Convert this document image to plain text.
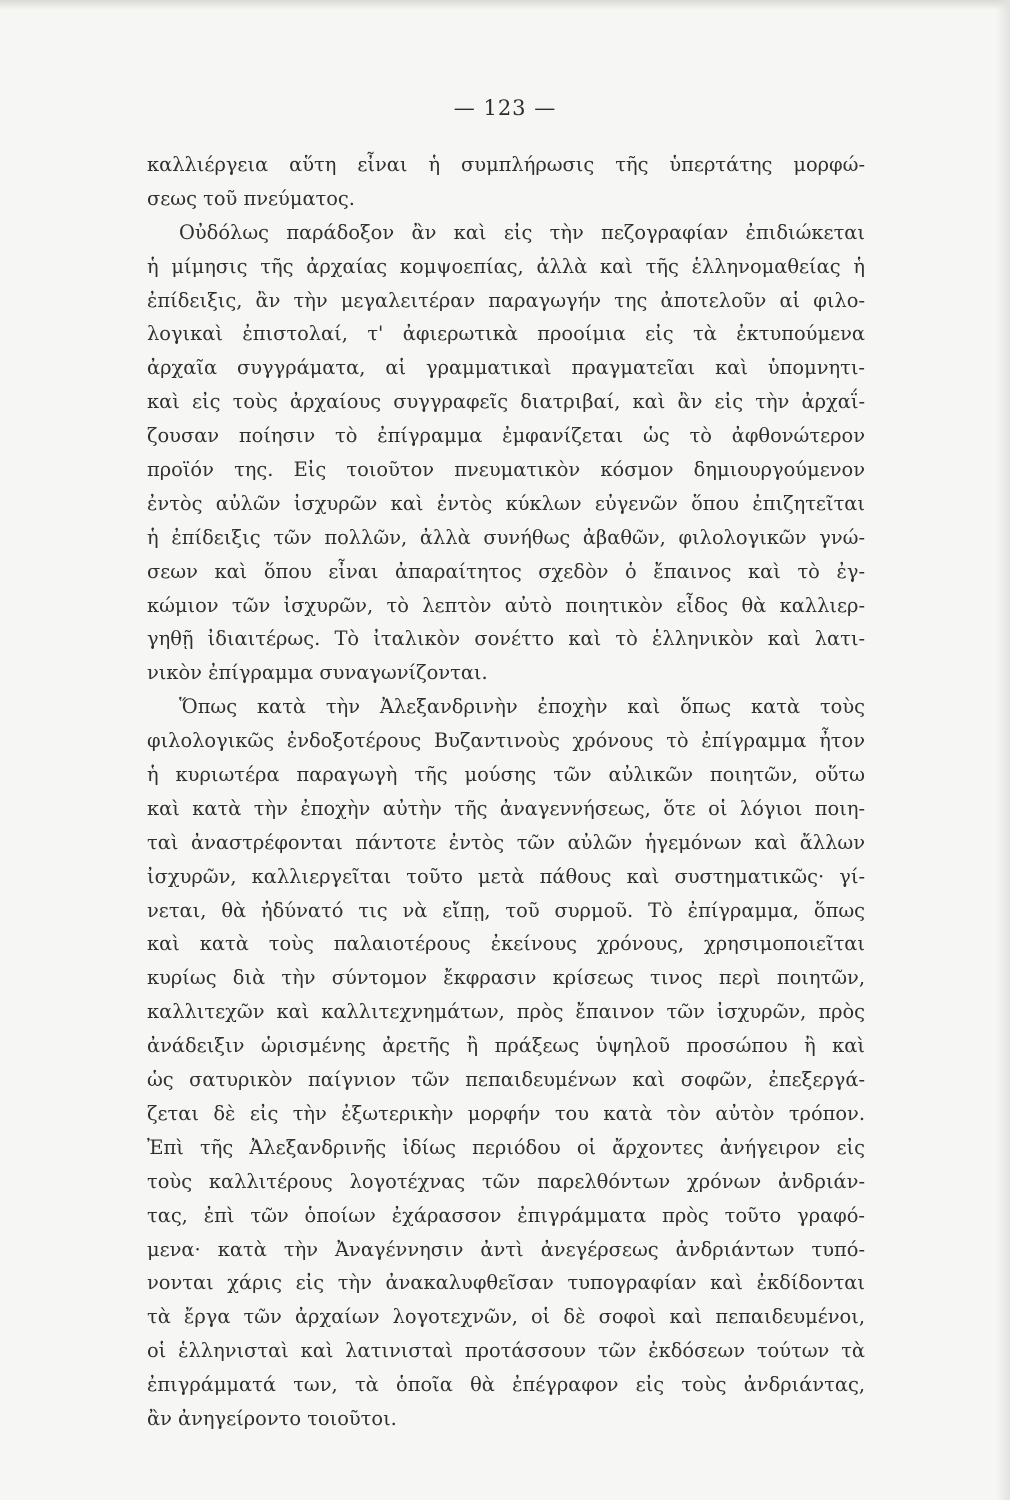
— 123 —
καλλιέργεια αὕτη εἶναι ἡ συμπλήρωσις τῆς ὑπερτάτης μορφώ-
σεως τοῦ πνεύματος.
Οὐδόλως παράδοξον ἂν καὶ εἰς τὴν πεζογραφίαν ἐπιδιώκεται
ἡ μίμησις τῆς ἀρχαίας κομψοεπίας, ἀλλὰ καὶ τῆς ἑλληνομαθείας ἡ
ἐπίδειξις, ἂν τὴν μεγαλειτέραν παραγωγήν της ἀποτελοῦν αἱ φιλο-
λογικαὶ ἐπιστολαί, τ' ἀφιερωτικὰ προοίμια εἰς τὰ ἐκτυπούμενα
ἀρχαῖα συγγράματα, αἱ γραμματικαὶ πραγματεῖαι καὶ ὑπομνητι-
καὶ εἰς τοὺς ἀρχαίους συγγραφεῖς διατριβαί, καὶ ἂν εἰς τὴν ἀρχαΐ-
ζουσαν ποίησιν τὸ ἐπίγραμμα ἐμφανίζεται ὡς τὸ ἀφθονώτερον
προϊόν της. Εἰς τοιοῦτον πνευματικὸν κόσμον δημιουργούμενον
ἐντὸς αὐλῶν ἰσχυρῶν καὶ ἐντὸς κύκλων εὐγενῶν ὅπου ἐπιζητεῖται
ἡ ἐπίδειξις τῶν πολλῶν, ἀλλὰ συνήθως ἀβαθῶν, φιλολογικῶν γνώ-
σεων καὶ ὅπου εἶναι ἀπαραίτητος σχεδὸν ὁ ἔπαινος καὶ τὸ ἐγ-
κώμιον τῶν ἰσχυρῶν, τὸ λεπτὸν αὐτὸ ποιητικὸν εἶδος θὰ καλλιερ-
γηθῇ ἰδιαιτέρως. Τὸ ἰταλικὸν σονέττο καὶ τὸ ἑλληνικὸν καὶ λατι-
νικὸν ἐπίγραμμα συναγωνίζονται.
Ὅπως κατὰ τὴν Ἀλεξανδρινὴν ἐποχὴν καὶ ὅπως κατὰ τοὺς
φιλολογικῶς ἐνδοξοτέρους Βυζαντινοὺς χρόνους τὸ ἐπίγραμμα ἦτον
ἡ κυριωτέρα παραγωγὴ τῆς μούσης τῶν αὐλικῶν ποιητῶν, οὕτω
καὶ κατὰ τὴν ἐποχὴν αὐτὴν τῆς ἀναγεννήσεως, ὅτε οἱ λόγιοι ποιη-
ταὶ ἀναστρέφονται πάντοτε ἐντὸς τῶν αὐλῶν ἡγεμόνων καὶ ἄλλων
ἰσχυρῶν, καλλιεργεῖται τοῦτο μετὰ πάθους καὶ συστηματικῶς· γί-
νεται, θὰ ἠδύνατό τις νὰ εἴπῃ, τοῦ συρμοῦ. Τὸ ἐπίγραμμα, ὅπως
καὶ κατὰ τοὺς παλαιοτέρους ἐκείνους χρόνους, χρησιμοποιεῖται
κυρίως διὰ τὴν σύντομον ἔκφρασιν κρίσεως τινος περὶ ποιητῶν,
καλλιτεχῶν καὶ καλλιτεχνημάτων, πρὸς ἔπαινον τῶν ἰσχυρῶν, πρὸς
ἀνάδειξιν ὡρισμένης ἀρετῆς ἢ πράξεως ὑψηλοῦ προσώπου ἢ καὶ
ὡς σατυρικὸν παίγνιον τῶν πεπαιδευμένων καὶ σοφῶν, ἐπεξεργά-
ζεται δὲ εἰς τὴν ἐξωτερικὴν μορφήν του κατὰ τὸν αὐτὸν τρόπον.
Ἐπὶ τῆς Ἀλεξανδρινῆς ἰδίως περιόδου οἱ ἄρχοντες ἀνήγειρον εἰς
τοὺς καλλιτέρους λογοτέχνας τῶν παρελθόντων χρόνων ἀνδριάν-
τας, ἐπὶ τῶν ὁποίων ἐχάρασσον ἐπιγράμματα πρὸς τοῦτο γραφό-
μενα· κατὰ τὴν Ἀναγέννησιν ἀντὶ ἀνεγέρσεως ἀνδριάντων τυπό-
νονται χάρις εἰς τὴν ἀνακαλυφθεῖσαν τυπογραφίαν καὶ ἐκδίδονται
τὰ ἔργα τῶν ἀρχαίων λογοτεχνῶν, οἱ δὲ σοφοὶ καὶ πεπαιδευμένοι,
οἱ ἑλληνισταὶ καὶ λατινισταὶ προτάσσουν τῶν ἐκδόσεων τούτων τὰ
ἐπιγράμματά των, τὰ ὁποῖα θὰ ἐπέγραφον εἰς τοὺς ἀνδριάντας,
ἂν ἀνηγείροντο τοιοῦτοι.
